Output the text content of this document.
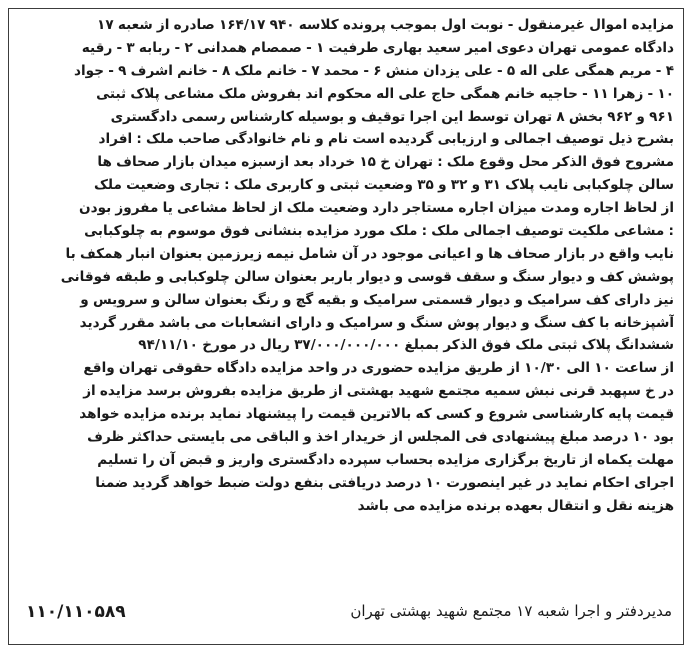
مزایده اموال غیرمنقول - نوبت اول بموجب پرونده کلاسه ۹۴۰ ۱۶۴/۱۷ صادره از شعبه ۱۷
دادگاه عمومی تهران دعوی امیر سعید بهاری طرفیت ۱ - صمصام همدانی ۲ - ربابه ۳ - رقیه
۴ - مریم همگی علی اله ۵ - علی یزدان منش ۶ - محمد ۷ - خانم ملک ۸ - خانم اشرف ۹ - جواد
۱۰ - زهرا ۱۱ - حاجیه خانم همگی حاج علی اله محکوم اند بفروش ملک مشاعی پلاک ثبتی
۹۶۱ و ۹۶۲ بخش ۸ تهران توسط این اجرا توقیف و بوسیله کارشناس رسمی دادگستری
بشرح ذیل توصیف اجمالی و ارزیابی گردیده است نام و نام خانوادگی صاحب ملک : افراد
مشروح فوق الذکر محل وقوع ملک : تهران خ ۱۵ خرداد بعد ازسبزه میدان بازار صحاف ها
سالن چلوکبابی نایب پلاک ۳۱ و ۳۲ و ۳۵ وضعیت ثبتی و کاربری ملک : تجاری وضعیت ملک
از لحاظ اجاره ومدت میزان اجاره مستاجر دارد وضعیت ملک از لحاظ مشاعی یا مفروز بودن
: مشاعی ملکیت توصیف اجمالی ملک : ملک مورد مزایده بنشانی فوق موسوم به چلوکبابی
نایب واقع در بازار صحاف ها و اعیانی موجود در آن شامل نیمه زیرزمین بعنوان انبار همکف با
پوشش کف و دیوار سنگ و سقف قوسی و دیوار باربر بعنوان سالن چلوکبابی و طبقه فوقانی
نیز دارای کف سرامیک و دیوار قسمتی سرامیک و بقیه گچ و رنگ بعنوان سالن و سرویس و
آشپزخانه با کف سنگ و دیوار پوش سنگ و سرامیک و دارای انشعابات می باشد مقرر گردید
ششدانگ پلاک ثبتی ملک فوق الذکر بمبلغ ۳۷/۰۰۰/۰۰۰/۰۰۰ ریال در مورخ ۹۴/۱۱/۱۰
از ساعت ۱۰ الی ۱۰/۳۰ از طریق مزایده حضوری در واحد مزایده دادگاه حقوقی تهران واقع
در خ سپهبد قرنی نبش سمیه مجتمع شهید بهشتی از طریق مزایده بفروش برسد مزایده از
قیمت پایه کارشناسی شروع و کسی که بالاترین قیمت را پیشنهاد نماید برنده مزایده خواهد
بود ۱۰ درصد مبلغ پیشنهادی فی المجلس از خریدار اخذ و الباقی می بایستی حداکثر ظرف
مهلت یکماه از تاریخ برگزاری مزایده بحساب سپرده دادگستری واریز و قبض آن را تسلیم
اجرای احکام نماید در غیر اینصورت ۱۰ درصد دریافتی بنفع دولت ضبط خواهد گردید ضمنا
هزینه نقل و انتقال بعهده برنده مزایده می باشد
مدیردفتر و اجرا شعبه ۱۷ مجتمع شهید بهشتی تهران
۱۱۰/۱۱۰۵۸۹
